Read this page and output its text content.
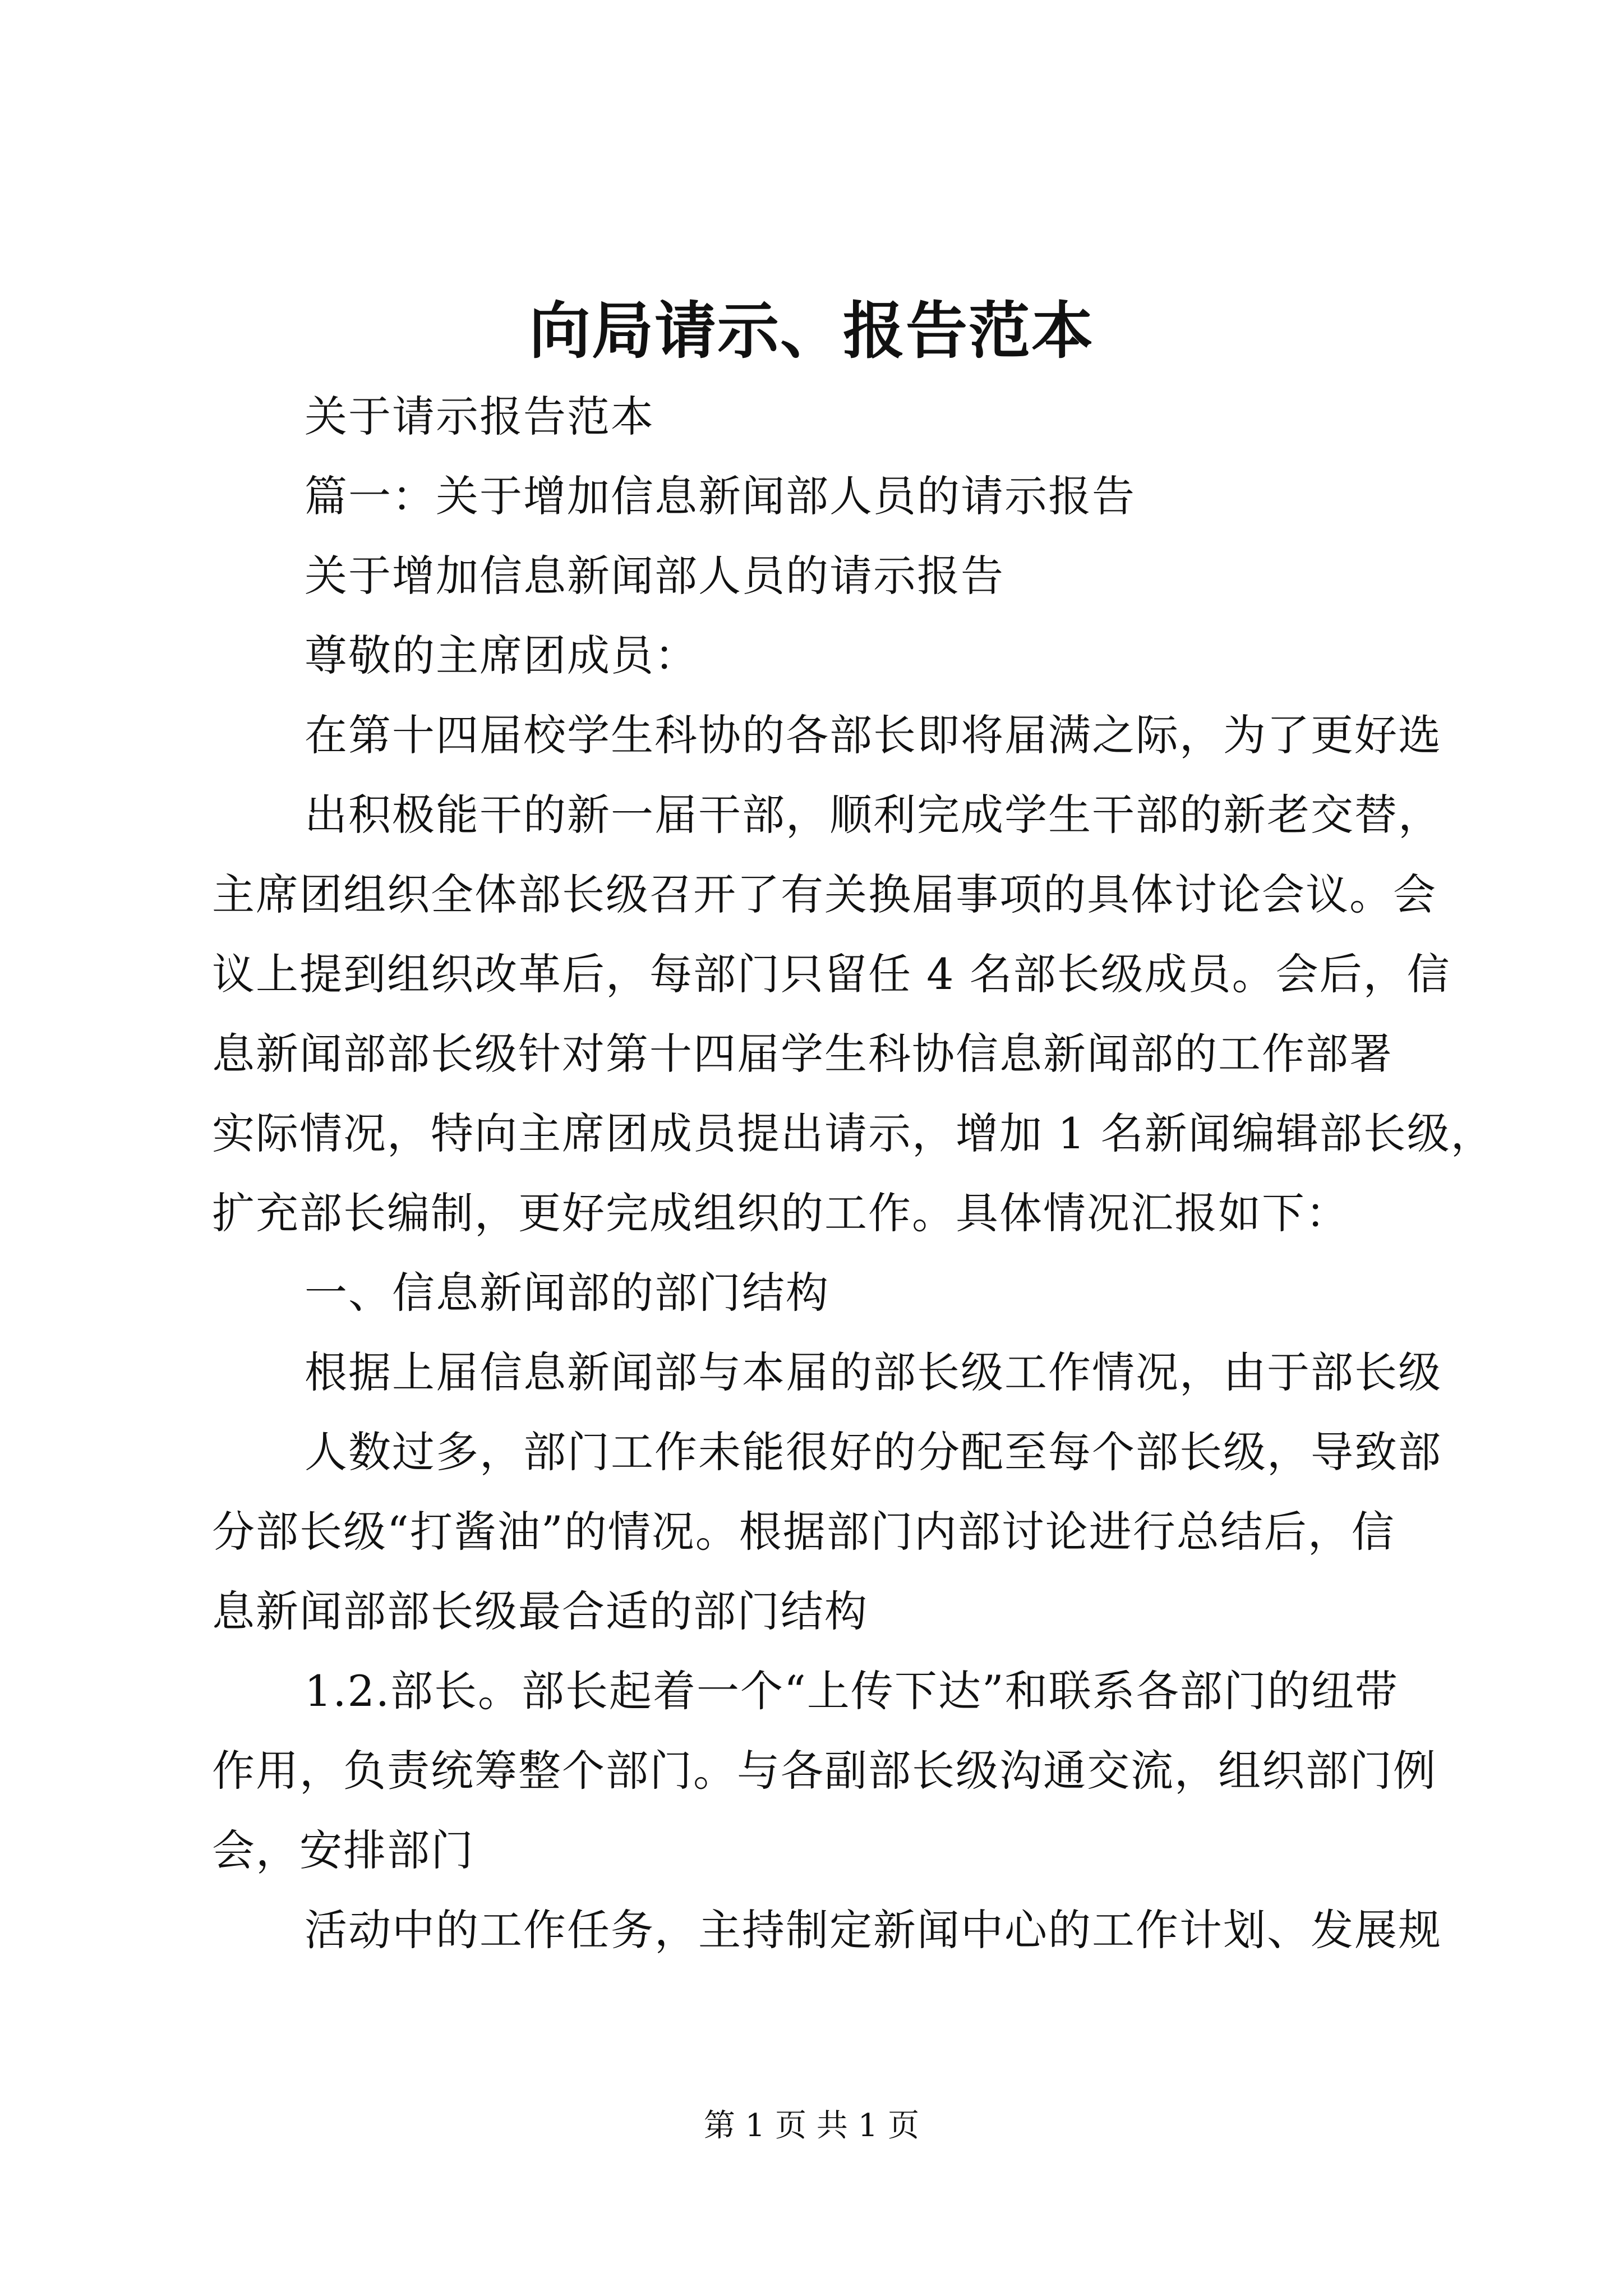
向局请示、报告范本
关于请示报告范本
篇一：关于增加信息新闻部人员的请示报告
关于增加信息新闻部人员的请示报告
尊敬的主席团成员：
在第十四届校学生科协的各部长即将届满之际，为了更好选
出积极能干的新一届干部，顺利完成学生干部的新老交替，
主席团组织全体部长级召开了有关换届事项的具体讨论会议。会
议上提到组织改革后，每部门只留任 4 名部长级成员。会后，信
息新闻部部长级针对第十四届学生科协信息新闻部的工作部署
实际情况，特向主席团成员提出请示，增加 1 名新闻编辑部长级，
扩充部长编制，更好完成组织的工作。具体情况汇报如下：
一、信息新闻部的部门结构
根据上届信息新闻部与本届的部长级工作情况，由于部长级
人数过多，部门工作未能很好的分配至每个部长级，导致部
分部长级“打酱油”的情况。根据部门内部讨论进行总结后，信
息新闻部部长级最合适的部门结构
1.2.部长。部长起着一个“上传下达”和联系各部门的纽带
作用，负责统筹整个部门。与各副部长级沟通交流，组织部门例
会，安排部门
活动中的工作任务，主持制定新闻中心的工作计划、发展规
第 1 页 共 1 页
